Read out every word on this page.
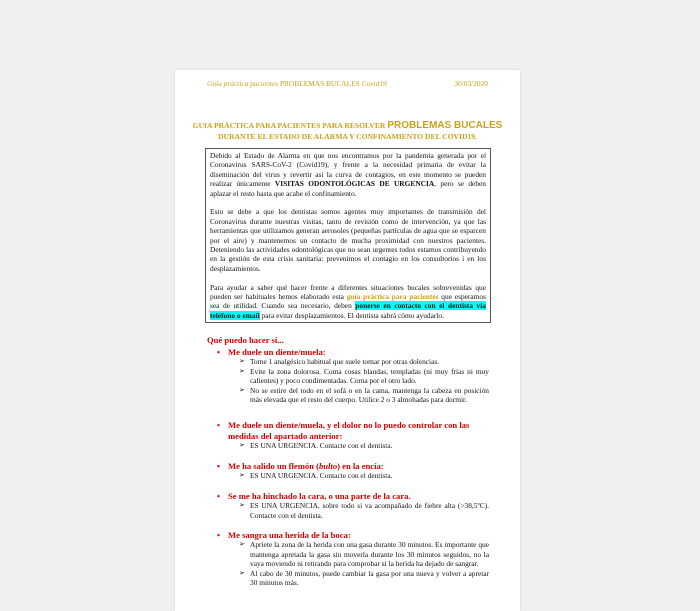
Guía práctica pacientes PROBLEMAS BUCALES Covid19	30/03/2020
GUIA PRÁCTICA PARA PACIENTES PARA RESOLVER PROBLEMAS BUCALES
DURANTE EL ESTADO DE ALARMA Y CONFINAMIENTO DEL COVID19.

Debido al Estado de Alarma en que nos encontramos por la pandemia generada por el Coronavirus SARS-CoV-2 (Covid19), y frente a la necesidad primaria de evitar la diseminación del virus y revertir así la curva de contagios, en este momento se pueden realizar únicamente VISITAS ODONTOLÓGICAS DE URGENCIA, pero se deben aplazar el resto hasta que acabe el confinamiento.

Esto se debe a que los dentistas somos agentes muy importantes de transmisión del Coronavirus durante nuestras visitas, tanto de revisión como de intervención, ya que las herramientas que utilizamos generan aerosoles (pequeñas partículas de agua que se esparcen por el aire) y mantenemos un contacto de mucha proximidad con nuestros pacientes. Deteniendo las actividades odontológicas que no sean urgentes todos estamos contribuyendo en la gestión de esta crisis sanitaria: prevenimos el contagio en los consultorios i en los desplazamientos.

Para ayudar a saber qué hacer frente a diferentes situaciones bucales sobrevenidas que pueden ser habituales hemos elaborado esta guía práctica para pacientes que esperamos sea de utilidad. Cuando sea necesario, deben ponerse en contacto con el dentista vía teléfono o email para evitar desplazamientos. El dentista sabrá cómo ayudarlo.

Qué puedo hacer si...
• Me duele un diente/muela:
➢ Tome 1 analgésico habitual que suele tomar por otras dolencias.
➢ Evite la zona dolorosa. Coma cosas blandas, templadas (ni muy frías ni muy calientes) y poco condimentadas. Coma por el otro lado.
➢ No se estire del todo en el sofá o en la cama, mantenga la cabeza en posición más elevada que el resto del cuerpo. Utilice 2 o 3 almohadas para dormir.
• Me duele un diente/muela, y el dolor no lo puedo controlar con las medidas del apartado anterior:
➢ ES UNA URGENCIA. Contacte con el dentista.
• Me ha salido un flemón (bulto) en la encía:
➢ ES UNA URGENCIA. Contacte con el dentista.
• Se me ha hinchado la cara, o una parte de la cara.
➢ ES UNA URGENCIA, sobre todo si va acompañado de fiebre alta (>38,5ºC). Contacte con el dentista.
• Me sangra una herida de la boca:
➢ Apriete la zona de la herida con una gasa durante 30 minutos. Es importante que mantenga apretada la gasa sin moverla durante los 30 minutos seguidos, no la vaya moviendo ni retirando para comprobar si la herida ha dejado de sangrar.
➢ Al cabo de 30 minutos, puede cambiar la gasa por una nueva y volver a apretar 30 minutos más.
